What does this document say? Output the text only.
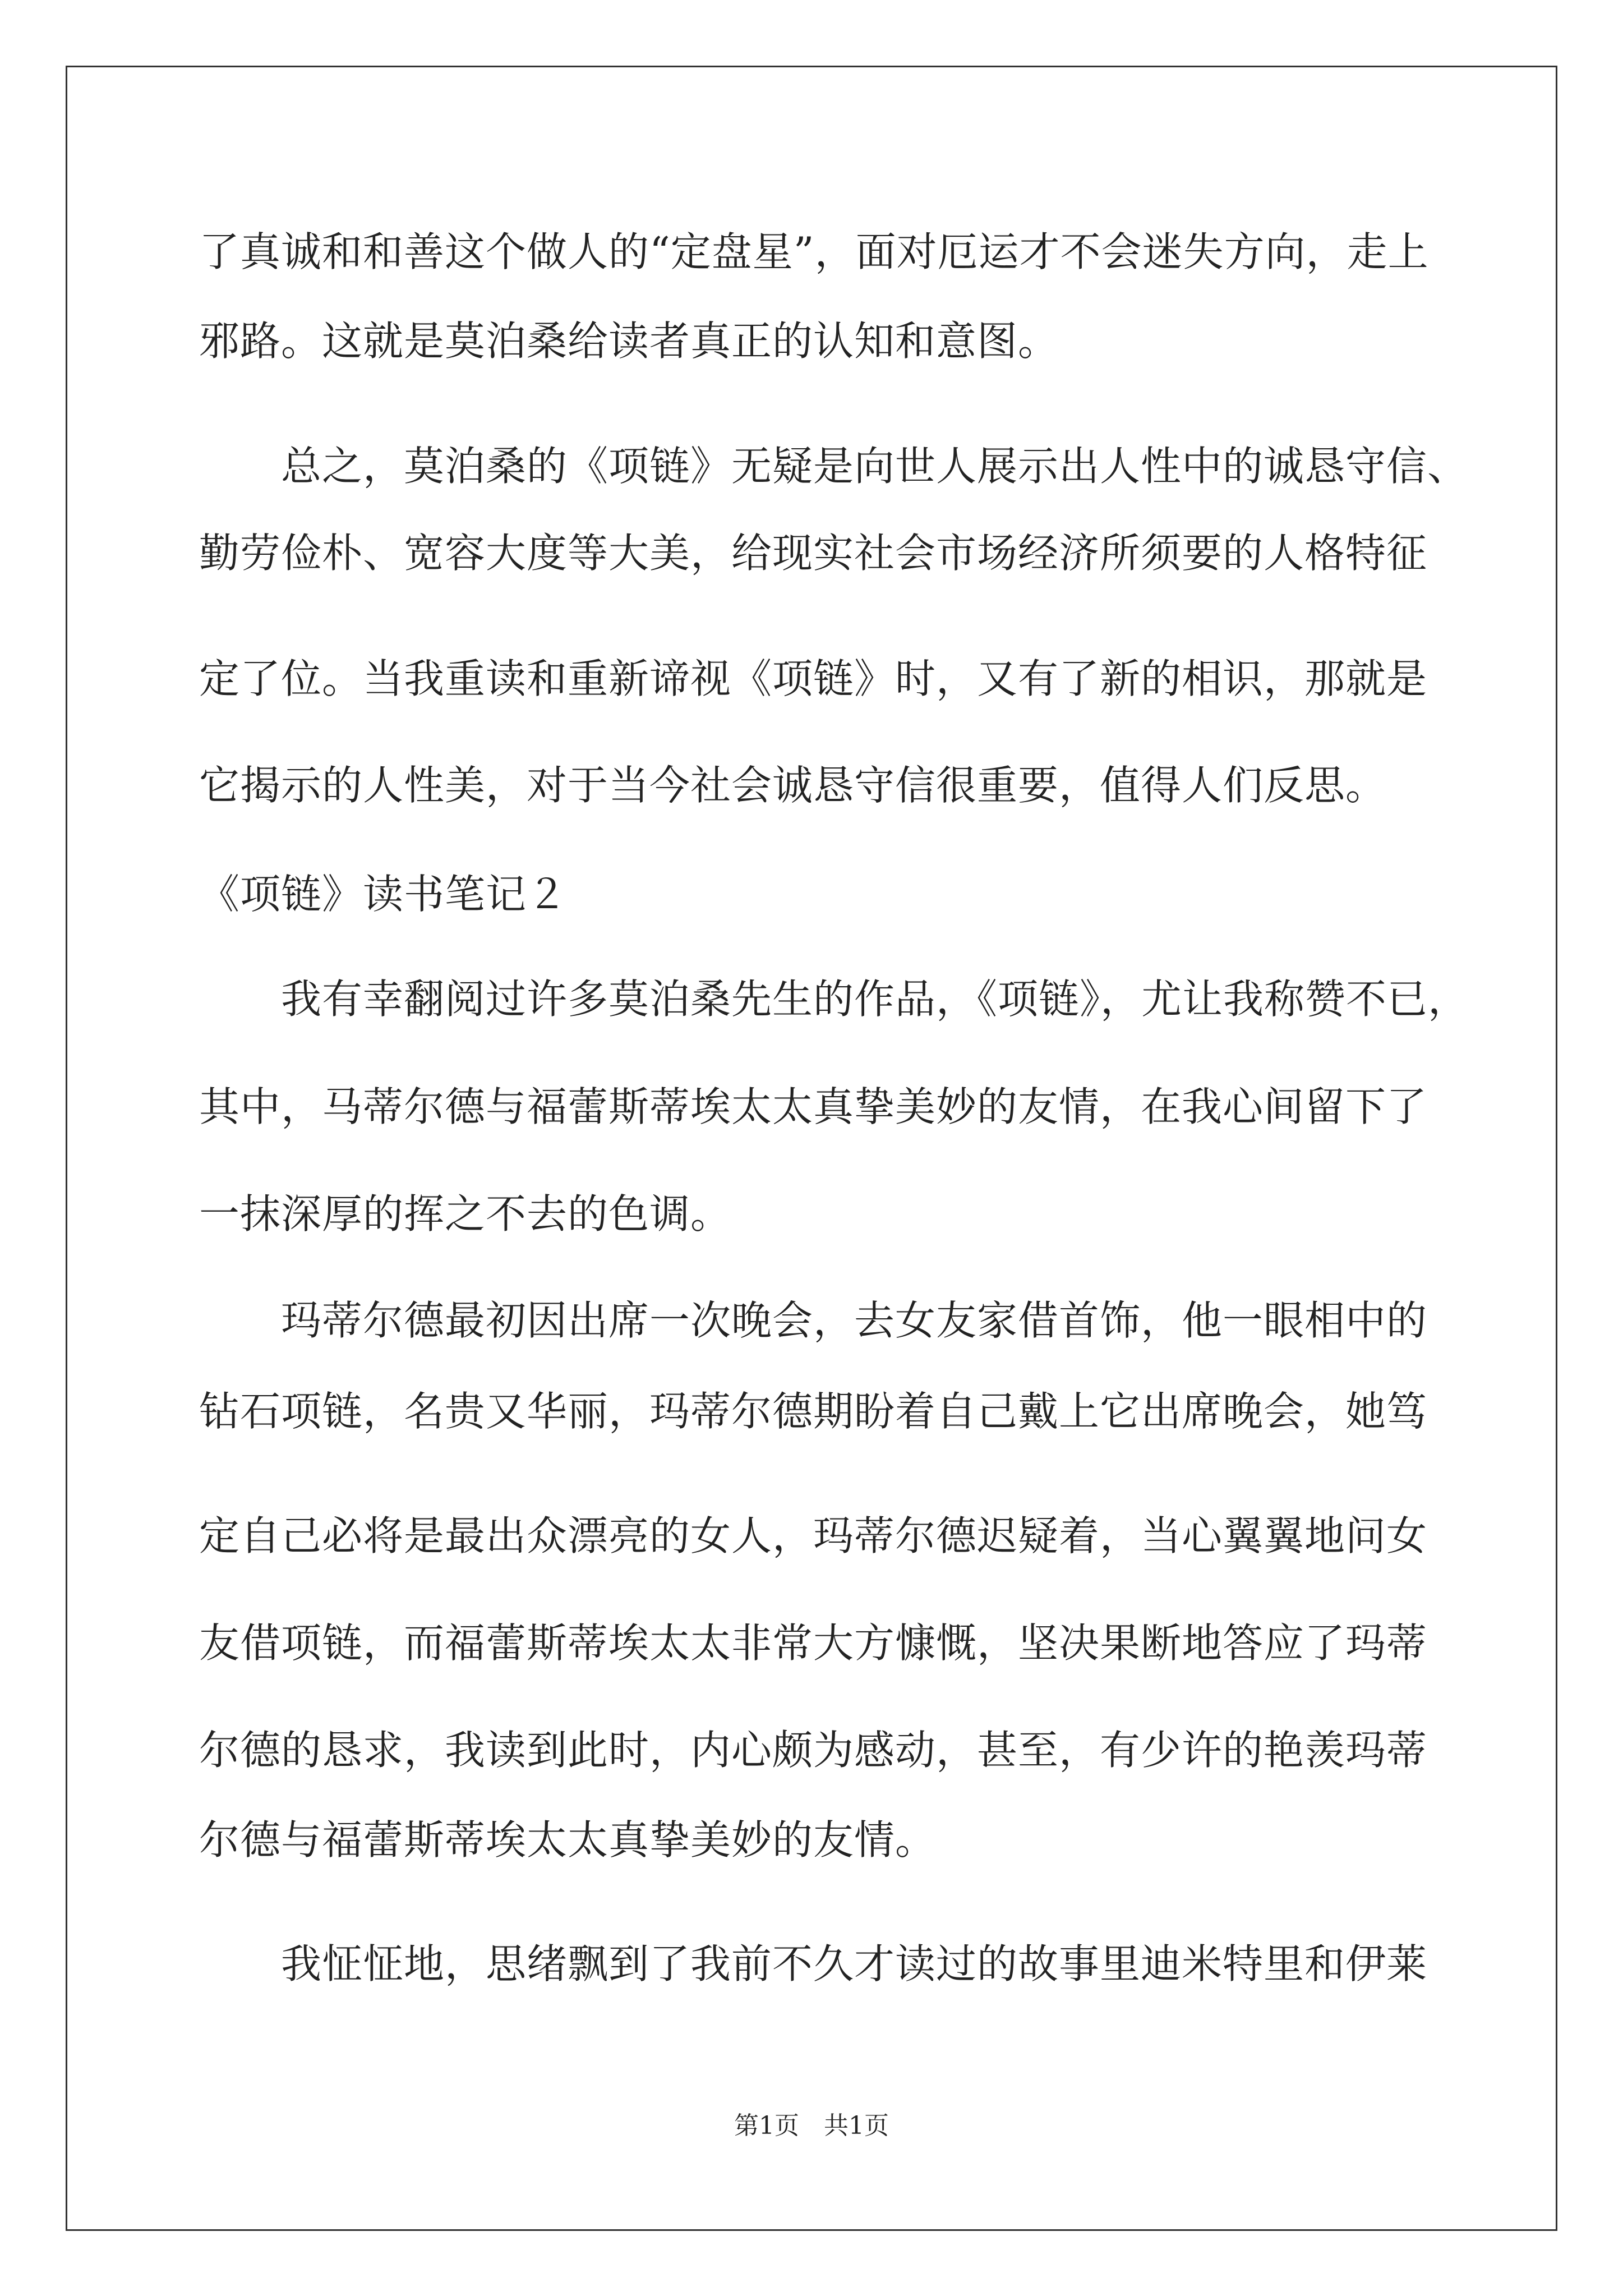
了真诚和和善这个做人的“定盘星”，面对厄运才不会迷失方向，走上
邪路。这就是莫泊桑给读者真正的认知和意图。
　　总之，莫泊桑的《项链》无疑是向世人展示出人性中的诚恳守信、
勤劳俭朴、宽容大度等大美，给现实社会市场经济所须要的人格特征
定了位。当我重读和重新谛视《项链》时，又有了新的相识，那就是
它揭示的人性美，对于当今社会诚恳守信很重要，值得人们反思。
《项链》读书笔记２
　　我有幸翻阅过许多莫泊桑先生的作品，《项链》，尤让我称赞不已，
其中，马蒂尔德与福蕾斯蒂埃太太真挚美妙的友情，在我心间留下了
一抹深厚的挥之不去的色调。
　　玛蒂尔德最初因出席一次晚会，去女友家借首饰，他一眼相中的
钻石项链，名贵又华丽，玛蒂尔德期盼着自己戴上它出席晚会，她笃
定自己必将是最出众漂亮的女人，玛蒂尔德迟疑着，当心翼翼地问女
友借项链，而福蕾斯蒂埃太太非常大方慷慨，坚决果断地答应了玛蒂
尔德的恳求，我读到此时，内心颇为感动，甚至，有少许的艳羡玛蒂
尔德与福蕾斯蒂埃太太真挚美妙的友情。
　　我怔怔地，思绪飘到了我前不久才读过的故事里迪米特里和伊莱
第1页　共1页
